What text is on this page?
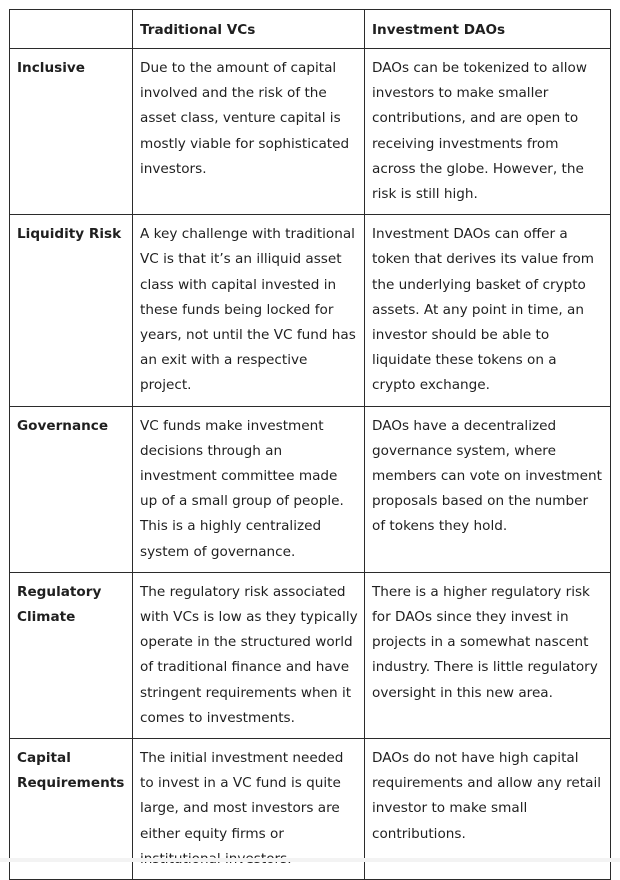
	Traditional VCs	Investment DAOs
Inclusive	Due to the amount of capital involved and the risk of the asset class, venture capital is mostly viable for sophisticated investors.	DAOs can be tokenized to allow investors to make smaller contributions, and are open to receiving investments from across the globe. However, the risk is still high.
Liquidity Risk	A key challenge with traditional VC is that it’s an illiquid asset class with capital invested in these funds being locked for years, not until the VC fund has an exit with a respective project.	Investment DAOs can offer a token that derives its value from the underlying basket of crypto assets. At any point in time, an investor should be able to liquidate these tokens on a crypto exchange.
Governance	VC funds make investment decisions through an investment committee made up of a small group of people. This is a highly centralized system of governance.	DAOs have a decentralized governance system, where members can vote on investment proposals based on the number of tokens they hold.
Regulatory Climate	The regulatory risk associated with VCs is low as they typically operate in the structured world of traditional finance and have stringent requirements when it comes to investments.	There is a higher regulatory risk for DAOs since they invest in projects in a somewhat nascent industry. There is little regulatory oversight in this new area.
Capital Requirements	The initial investment needed to invest in a VC fund is quite large, and most investors are either equity firms or	DAOs do not have high capital requirements and allow any retail investor to make small contributions.
